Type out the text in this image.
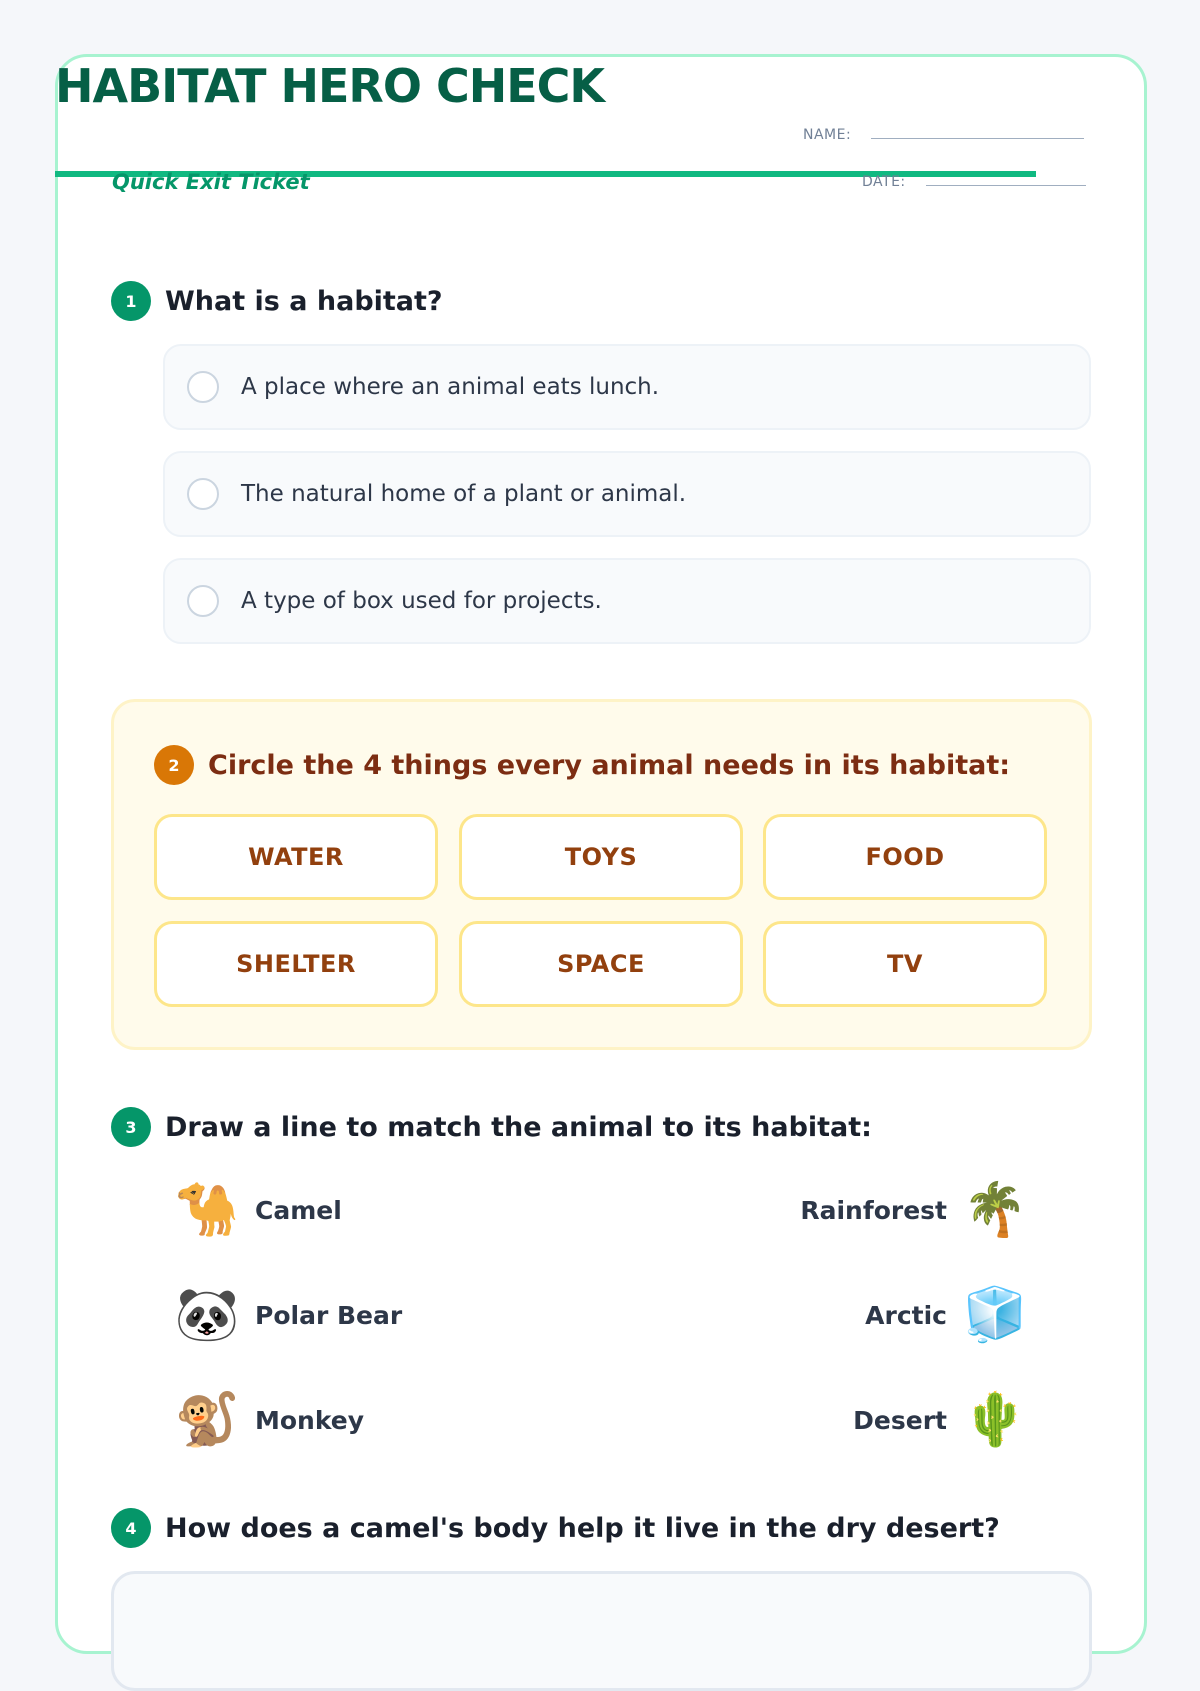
HABITAT HERO CHECK
Quick Exit Ticket
NAME:
DATE:
1	What is a habitat?
A place where an animal eats lunch.
The natural home of a plant or animal.
A type of box used for projects.
2	Circle the 4 things every animal needs in its habitat:
WATER	TOYS	FOOD
SHELTER	SPACE	TV
3	Draw a line to match the animal to its habitat:
🐪 Camel	Rainforest 🌴
🐼 Polar Bear	Arctic 🧊
🐒 Monkey	Desert 🌵
4	How does a camel's body help it live in the dry desert?
